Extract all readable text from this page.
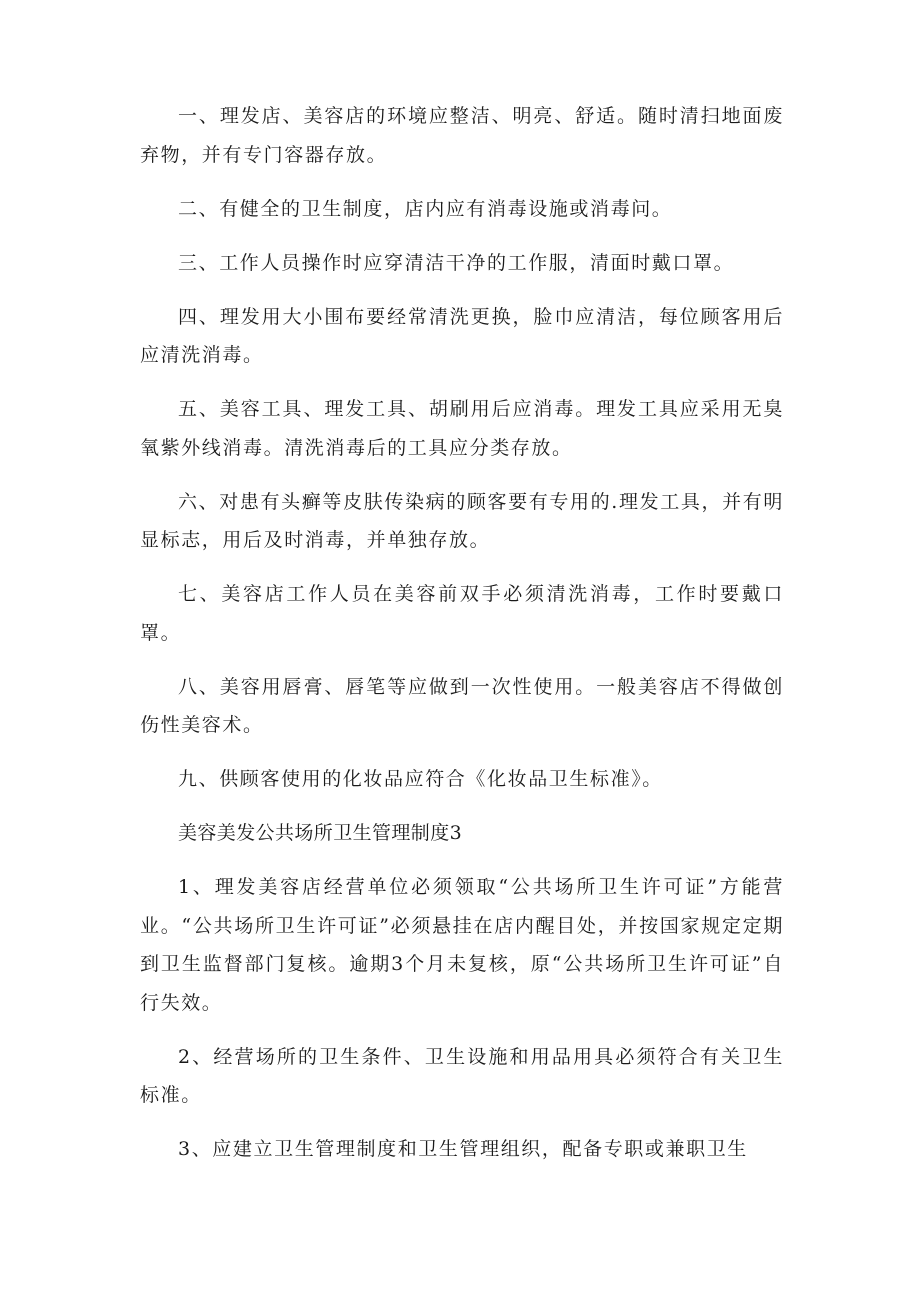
一、理发店、美容店的环境应整洁、明亮、舒适。随时清扫地面废弃物，并有专门容器存放。

二、有健全的卫生制度，店内应有消毒设施或消毒问。

三、工作人员操作时应穿清洁干净的工作服，清面时戴口罩。

四、理发用大小围布要经常清洗更换，脸巾应清洁，每位顾客用后应清洗消毒。

五、美容工具、理发工具、胡刷用后应消毒。理发工具应采用无臭氧紫外线消毒。清洗消毒后的工具应分类存放。

六、对患有头癣等皮肤传染病的顾客要有专用的.理发工具，并有明显标志，用后及时消毒，并单独存放。

七、美容店工作人员在美容前双手必须清洗消毒，工作时要戴口罩。

八、美容用唇膏、唇笔等应做到一次性使用。一般美容店不得做创伤性美容术。

九、供顾客使用的化妆品应符合《化妆品卫生标准》。

美容美发公共场所卫生管理制度3

1、理发美容店经营单位必须领取“公共场所卫生许可证”方能营业。“公共场所卫生许可证”必须悬挂在店内醒目处，并按国家规定定期到卫生监督部门复核。逾期3个月未复核，原“公共场所卫生许可证”自行失效。

2、经营场所的卫生条件、卫生设施和用品用具必须符合有关卫生标准。

3、应建立卫生管理制度和卫生管理组织，配备专职或兼职卫生
